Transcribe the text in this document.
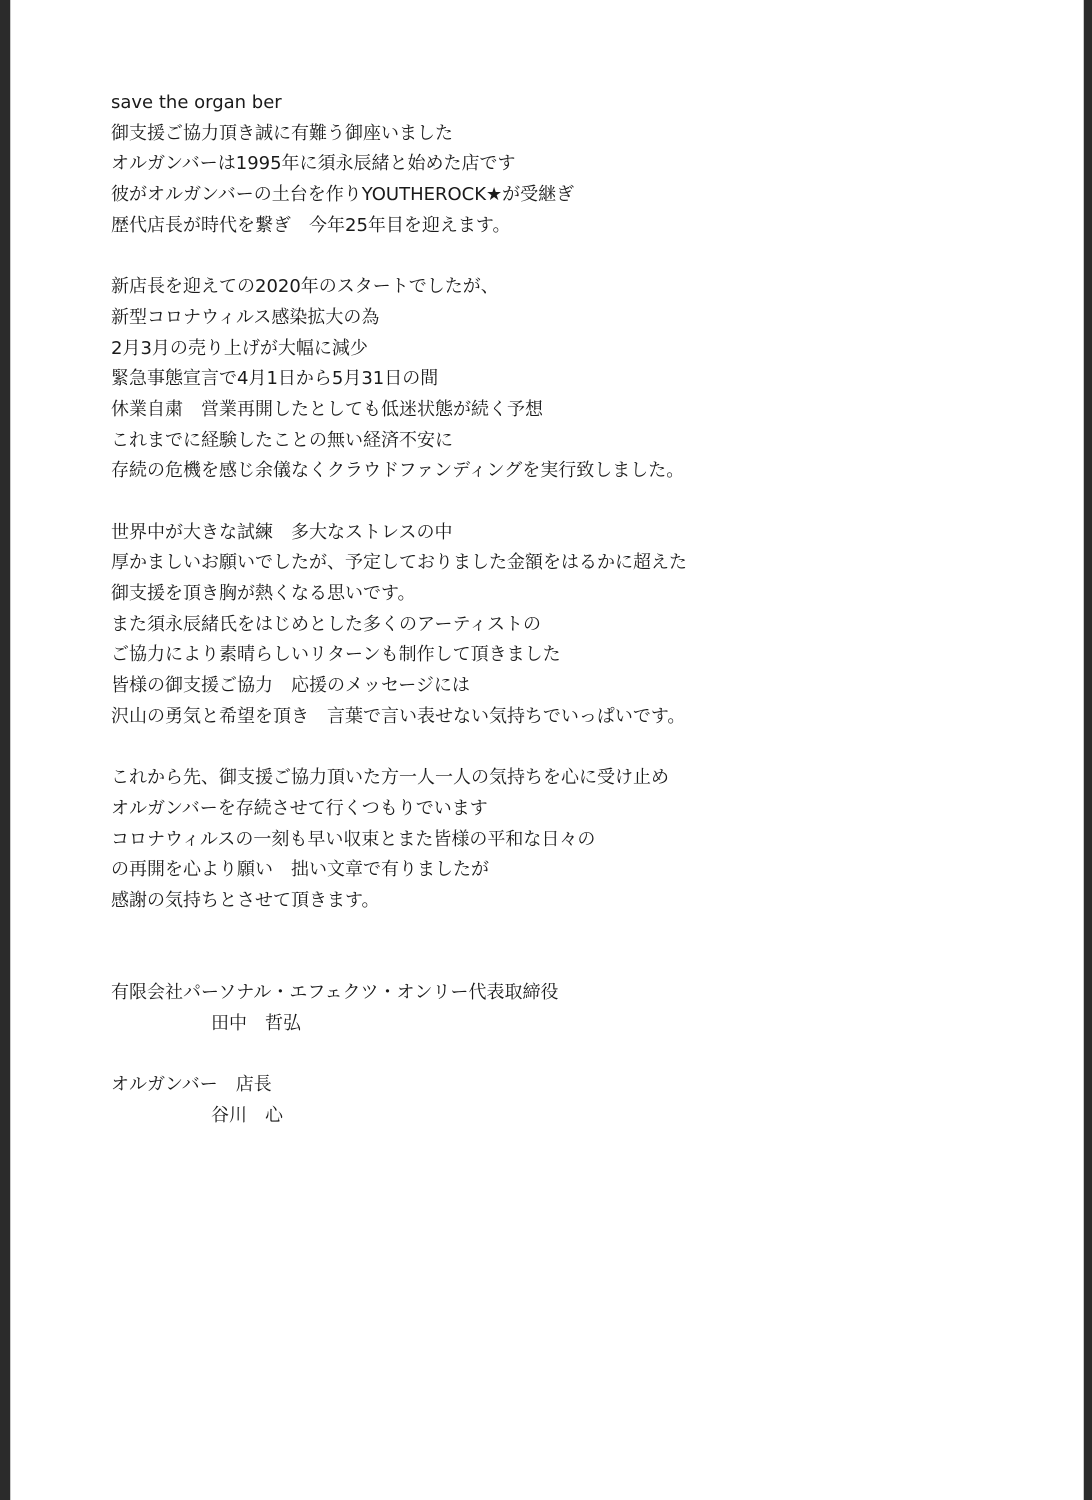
save the organ ber
御支援ご協力頂き誠に有難う御座いました
オルガンバーは1995年に須永辰緒と始めた店です
彼がオルガンバーの土台を作りYOUTHEROCK★が受継ぎ
歴代店長が時代を繋ぎ　今年25年目を迎えます。
新店長を迎えての2020年のスタートでしたが、
新型コロナウィルス感染拡大の為
2月3月の売り上げが大幅に減少
緊急事態宣言で4月1日から5月31日の間
休業自粛　営業再開したとしても低迷状態が続く予想
これまでに経験したことの無い経済不安に
存続の危機を感じ余儀なくクラウドファンディングを実行致しました。
世界中が大きな試練　多大なストレスの中
厚かましいお願いでしたが、予定しておりました金額をはるかに超えた
御支援を頂き胸が熱くなる思いです。
また須永辰緒氏をはじめとした多くのアーティストの
ご協力により素晴らしいリターンも制作して頂きました
皆様の御支援ご協力　応援のメッセージには
沢山の勇気と希望を頂き　言葉で言い表せない気持ちでいっぱいです。
これから先、御支援ご協力頂いた方一人一人の気持ちを心に受け止め
オルガンバーを存続させて行くつもりでいます
コロナウィルスの一刻も早い収束とまた皆様の平和な日々の
の再開を心より願い　拙い文章で有りましたが
感謝の気持ちとさせて頂きます。
有限会社パーソナル・エフェクツ・オンリー代表取締役
田中　哲弘
オルガンバー　店長
谷川　心
